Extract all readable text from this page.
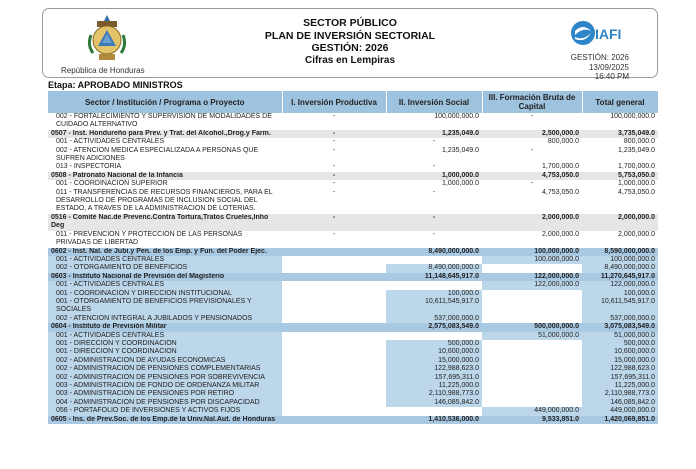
República de Honduras
SECTOR PÚBLICO
PLAN DE INVERSIÓN SECTORIAL
GESTIÓN: 2026
Cifras en Lempiras
IAFI
GESTIÓN: 2026
13/09/2025
16:40 PM
Etapa: APROBADO MINISTROS
Sector / Institución / Programa o Proyecto	I. Inversión Productiva	II. Inversión Social	III. Formación Bruta de Capital	Total general
002 - FORTALECIMIENTO Y SUPERVISIÓN DE MODALIDADES DE CUIDADO ALTERNATIVO	-	100,000,000.0	-	100,000,000.0
0507 - Inst. Hondureño para Prev. y Trat. del Alcohol.,Drog.y Farm.	-	1,235,049.0	2,500,000.0	3,735,049.0
001 - ACTIVIDADES CENTRALES	-	-	800,000.0	800,000.0
002 - ATENCION MEDICA ESPECIALIZADA A PERSONAS QUE SUFREN ADICIONES	-	1,235,049.0	-	1,235,049.0
013 - INSPECTORIA	-	-	1,700,000.0	1,700,000.0
0508 - Patronato Nacional de la Infancia	-	1,000,000.0	4,753,050.0	5,753,050.0
001 - COORDINACIÓN SUPERIOR	-	1,000,000.0	-	1,000,000.0
011 - TRANSFERENCIAS DE RECURSOS FINANCIEROS, PARA EL DESARROLLO DE PROGRAMAS DE INCLUSION SOCIAL DEL ESTADO, A TRAVES DE LA ADMINISTRACION DE LOTERIAS.	-	-	4,753,050.0	4,753,050.0
0516 - Comité Nac.de Prevenc.Contra Tortura,Tratos Crueles,Inho Deg	-	-	2,000,000.0	2,000,000.0
011 - PREVENCION Y PROTECCION DE LAS PERSONAS PRIVADAS DE LIBERTAD	-	-	2,000,000.0	2,000,000.0
0602 - Inst. Nal. de Jubi.y Pen. de los Emp. y Fun. del Poder Ejec.		8,490,000,000.0	100,000,000.0	8,590,000,000.0
001 - ACTIVIDADES CENTRALES			100,000,000.0	100,000,000.0
002 - OTORGAMIENTO DE BENEFICIOS		8,490,000,000.0		8,490,000,000.0
0603 - Instituto Nacional de Previsión del Magisterio		11,148,645,917.0	122,000,000.0	11,270,645,917.0
001 - ACTIVIDADES CENTRALES			122,000,000.0	122,000,000.0
001 - COORDINACIÓN Y DIRECCIÓN INSTITUCIONAL		100,000.0		100,000.0
001 - OTORGAMIENTO DE BENEFICIOS PREVISIONALES Y SOCIALES		10,611,545,917.0		10,611,545,917.0
002 - ATENCIÓN INTEGRAL A JUBILADOS Y PENSIONADOS		537,000,000.0		537,000,000.0
0604 - Instituto de Previsión Militar		2,575,083,549.0	500,000,000.0	3,075,083,549.0
001 - ACTIVIDADES CENTRALES			51,000,000.0	51,000,000.0
001 - DIRECCION Y COORDINACION		500,000.0		500,000.0
001 - DIRECCIÓN Y COORDINACIÓN		10,600,000.0		10,600,000.0
002 - ADMINISTRACIÓN DE AYUDAS ECONÓMICAS		15,000,000.0		15,000,000.0
002 - ADMINISTRACION DE PENSIONES COMPLEMENTARIAS		122,988,623.0		122,988,623.0
002 - ADMINISTRACION DE PENSIONES POR SOBREVIVENCIA		157,695,311.0		157,695,311.0
003 - ADMINISTRACION DE FONDO DE ORDENANZA MILITAR		11,225,000.0		11,225,000.0
003 - ADMINISTRACION DE PENSIONES POR RETIRO		2,110,988,773.0		2,110,988,773.0
004 - ADMINISTRACION DE PENSIONES POR DISCAPACIDAD		146,085,842.0		146,085,842.0
056 - PORTAFOLIO DE INVERSIONES Y ACTIVOS FIJOS			449,000,000.0	449,000,000.0
0605 - Ins. de Prev.Soc. de los Emp.de la Univ.Nal.Aut. de Honduras		1,410,536,000.0	9,533,851.0	1,420,069,851.0
